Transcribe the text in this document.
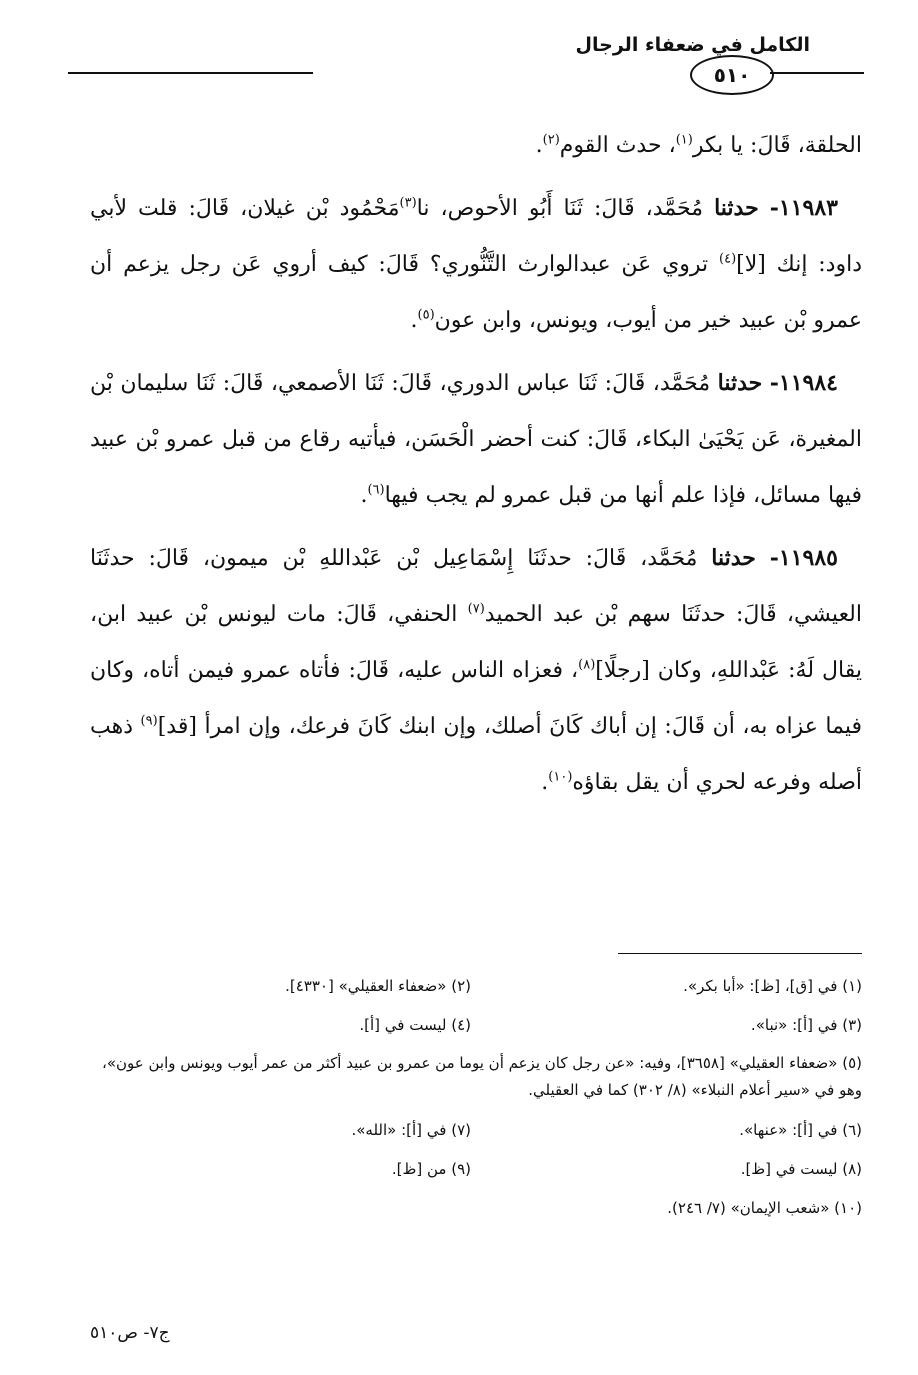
الكامل في ضعفاء الرجال
٥١٠

الحلقة، قَالَ: يا بكر$^{(١)}$، حدث القوم$^{(٢)}$.

١١٩٨٣- حدثنا مُحَمَّد، قَالَ: ثَنَا أَبُو الأحوص، نا$^{(٣)}$مَحْمُود بْن غيلان، قَالَ: قلت لأبي داود: إنك [لا]$^{(٤)}$ تروي عَن عبدالوارث التَّنُّوري؟ قَالَ: كيف أروي عَن رجل يزعم أن عمرو بْن عبيد خير من أيوب، ويونس، وابن عون$^{(٥)}$.

١١٩٨٤- حدثنا مُحَمَّد، قَالَ: ثَنَا عباس الدوري، قَالَ: ثَنَا الأصمعي، قَالَ: ثَنَا سليمان بْن المغيرة، عَن يَحْيَىٰ البكاء، قَالَ: كنت أحضر الْحَسَن، فيأتيه رقاع من قبل عمرو بْن عبيد فيها مسائل، فإذا علم أنها من قبل عمرو لم يجب فيها$^{(٦)}$.

١١٩٨٥- حدثنا مُحَمَّد، قَالَ: حدثَنَا إِسْمَاعِيل بْن عَبْداللهِ بْن ميمون، قَالَ: حدثَنَا العيشي، قَالَ: حدثَنَا سهم بْن عبد الحميد$^{(٧)}$ الحنفي، قَالَ: مات ليونس بْن عبيد ابن، يقال لَهُ: عَبْداللهِ، وكان [رجلًا]$^{(٨)}$، فعزاه الناس عليه، قَالَ: فأتاه عمرو فيمن أتاه، وكان فيما عزاه به، أن قَالَ: إن أباك كَانَ أصلك، وإن ابنك كَانَ فرعك، وإن امرأ [قد]$^{(٩)}$ ذهب أصله وفرعه لحري أن يقل بقاؤه$^{(١٠)}$.

(١) في [ق]، [ظ]: «أبا بكر».
(٢) «ضعفاء العقيلي» [٤٣٣٠].
(٣) في [أ]: «نبا».
(٤) ليست في [أ].
(٥) «ضعفاء العقيلي» [٣٦٥٨]، وفيه: «عن رجل كان يزعم أن يوما من عمرو بن عبيد أكثر من عمر أيوب ويونس وابن عون»، وهو في «سير أعلام النبلاء» (٨/ ٣٠٢) كما في العقيلي.
(٦) في [أ]: «عنها».
(٧) في [أ]: «الله».
(٨) ليست في [ظ].
(٩) من [ظ].
(١٠) «شعب الإيمان» (٧/ ٢٤٦).
ج٧- ص٥١٠
